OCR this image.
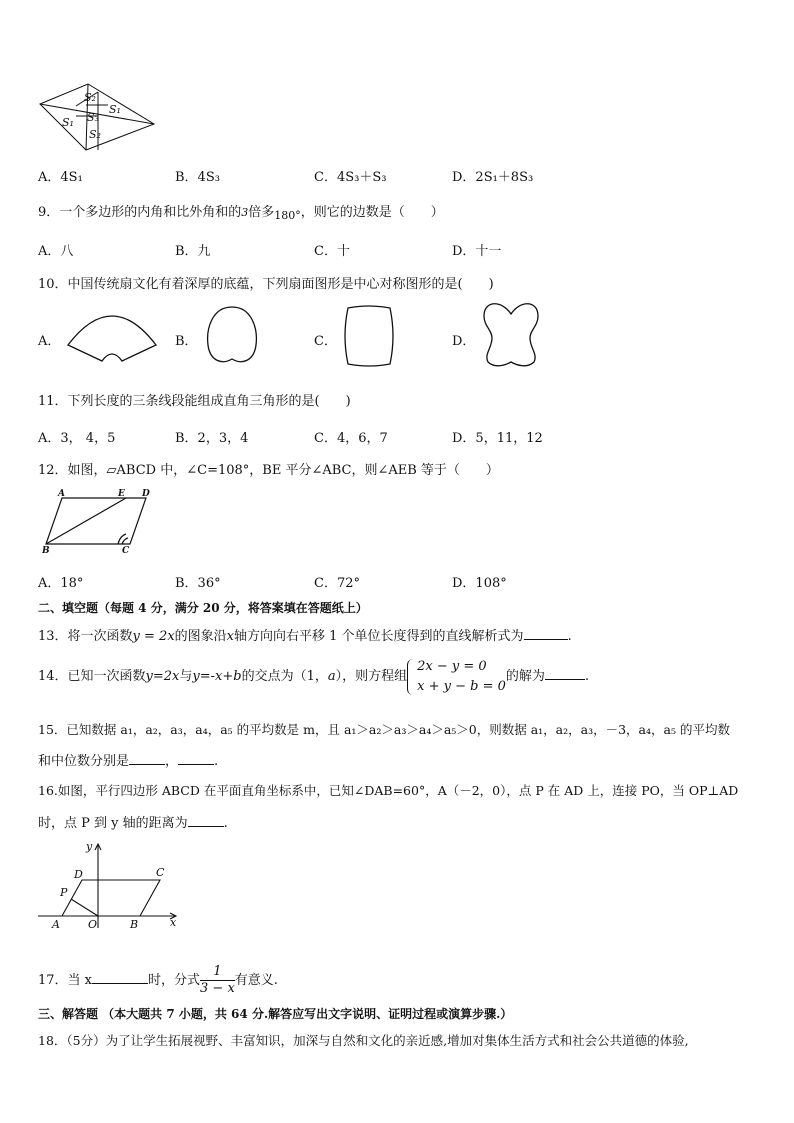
S₂
S₁
S₁ S₃
S₂
A．4S₁	B．4S₃	C．4S₃＋S₃	D．2S₁＋8S₃
9．一个多边形的内角和比外角和的3倍多$_{180^\circ}$，则它的边数是（　　）
A．八	B．九	C．十	D．十一
10．中国传统扇文化有着深厚的底蕴，下列扇面图形是中心对称图形的是(　　)
A．	B．	C．	D．
11．下列长度的三条线段能组成直角三角形的是(　　)
A．3， 4，5	B．2，3，4	C．4，6，7	D．5，11，12
12．如图，▱ABCD 中，∠C=108°，BE 平分∠ABC，则∠AEB 等于（　　）
A	E D
B	C
A．18°	B．36°	C．72°	D．108°
二、填空题（每题 4 分，满分 20 分，将答案填在答题纸上）
13．将一次函数y = 2x的图象沿x轴方向向右平移 1 个单位长度得到的直线解析式为	.
14．已知一次函数y=2x与y=-x+b的交点为（1，a），则方程组
2x − y = 0
x + y − b = 0
的解为	.
15．已知数据 a₁，a₂，a₃，a₄，a₅ 的平均数是 m，且 a₁＞a₂＞a₃＞a₄＞a₅＞0，则数据 a₁，a₂，a₃，－3，a₄，a₅ 的平均数
和中位数分别是	，	.
16.如图，平行四边形 ABCD 在平面直角坐标系中，已知∠DAB=60°，A（－2，0），点 P 在 AD 上，连接 PO，当 OP⊥AD
时，点 P 到 y 轴的距离为	.
y
D	C
P
A	O	B	x
17．当 x	时，分式 $\frac{1}{3 - x}$ 有意义.
三、解答题 （本大题共 7 小题，共 64 分.解答应写出文字说明、证明过程或演算步骤.）
18．（5分）为了让学生拓展视野、丰富知识，加深与自然和文化的亲近感,增加对集体生活方式和社会公共道德的体验,
